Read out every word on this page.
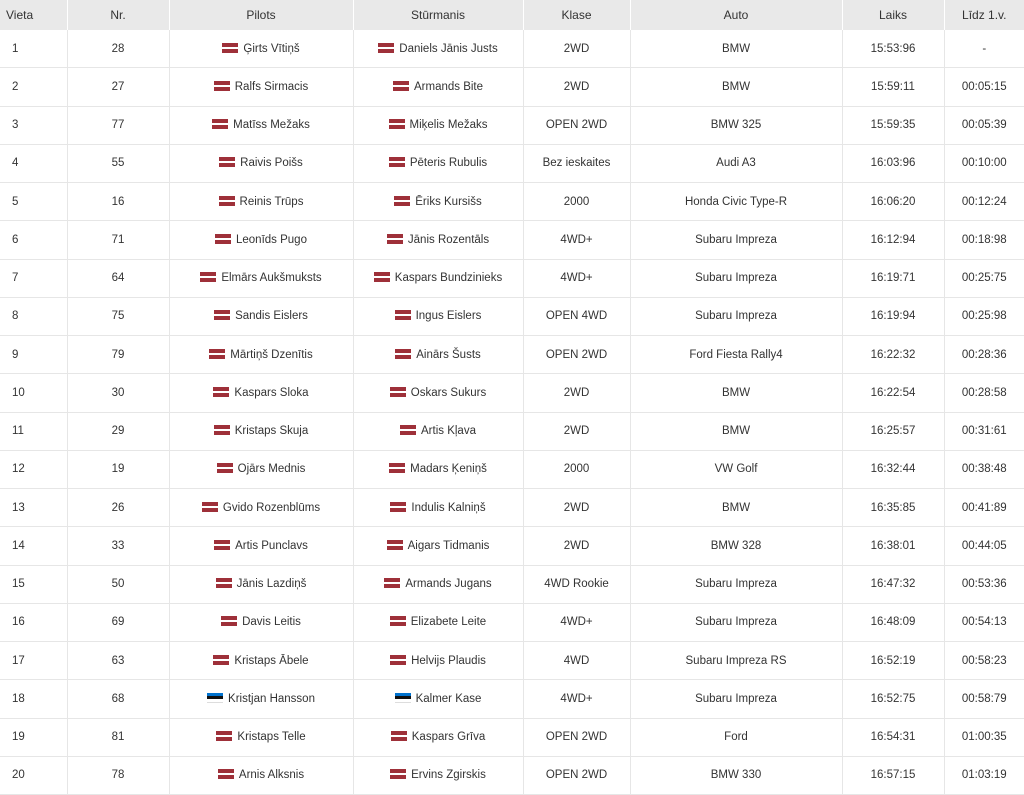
Vieta	Nr.	Pilots	Stūrmanis	Klase	Auto	Laiks	Līdz 1.v.
1	28	Ģirts Vītiņš	Daniels Jānis Justs	2WD	BMW	15:53:96	-
2	27	Ralfs Sirmacis	Armands Bite	2WD	BMW	15:59:11	00:05:15
3	77	Matīss Mežaks	Miķelis Mežaks	OPEN 2WD	BMW 325	15:59:35	00:05:39
4	55	Raivis Poišs	Pēteris Rubulis	Bez ieskaites	Audi A3	16:03:96	00:10:00
5	16	Reinis Trūps	Ēriks Kursišs	2000	Honda Civic Type-R	16:06:20	00:12:24
6	71	Leonīds Pugo	Jānis Rozentāls	4WD+	Subaru Impreza	16:12:94	00:18:98
7	64	Elmārs Aukšmuksts	Kaspars Bundzinieks	4WD+	Subaru Impreza	16:19:71	00:25:75
8	75	Sandis Eislers	Ingus Eislers	OPEN 4WD	Subaru Impreza	16:19:94	00:25:98
9	79	Mārtiņš Dzenītis	Ainārs Šusts	OPEN 2WD	Ford Fiesta Rally4	16:22:32	00:28:36
10	30	Kaspars Sloka	Oskars Sukurs	2WD	BMW	16:22:54	00:28:58
11	29	Kristaps Skuja	Artis Kļava	2WD	BMW	16:25:57	00:31:61
12	19	Ojārs Mednis	Madars Ķeniņš	2000	VW Golf	16:32:44	00:38:48
13	26	Gvido Rozenblūms	Indulis Kalniņš	2WD	BMW	16:35:85	00:41:89
14	33	Artis Punclavs	Aigars Tidmanis	2WD	BMW 328	16:38:01	00:44:05
15	50	Jānis Lazdiņš	Armands Jugans	4WD Rookie	Subaru Impreza	16:47:32	00:53:36
16	69	Davis Leitis	Elizabete Leite	4WD+	Subaru Impreza	16:48:09	00:54:13
17	63	Kristaps Ābele	Helvijs Plaudis	4WD	Subaru Impreza RS	16:52:19	00:58:23
18	68	Kristjan Hansson	Kalmer Kase	4WD+	Subaru Impreza	16:52:75	00:58:79
19	81	Kristaps Telle	Kaspars Grīva	OPEN 2WD	Ford	16:54:31	01:00:35
20	78	Arnis Alksnis	Ervins Zgirskis	OPEN 2WD	BMW 330	16:57:15	01:03:19
